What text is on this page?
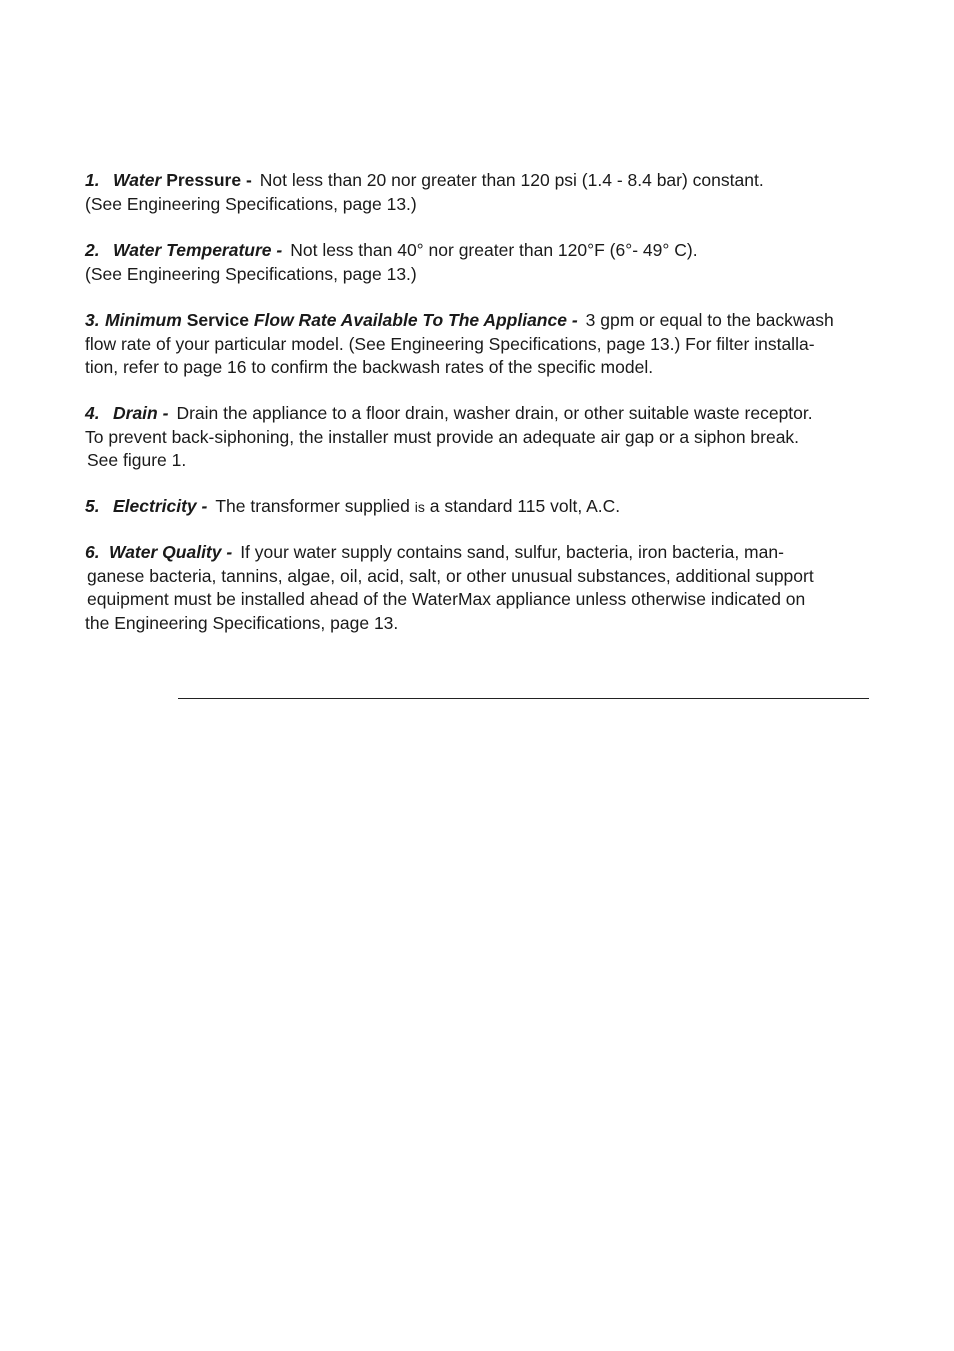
1. Water Pressure - Not less than 20 nor greater than 120 psi (1.4 - 8.4 bar) constant.
(See Engineering Specifications, page 13.)
2. Water Temperature - Not less than 40° nor greater than 120°F (6°- 49° C).
(See Engineering Specifications, page 13.)
3. Minimum Service Flow Rate Available To The Appliance - 3 gpm or equal to the backwash
flow rate of your particular model. (See Engineering Specifications, page 13.) For filter installa-
tion, refer to page 16 to confirm the backwash rates of the specific model.
4. Drain - Drain the appliance to a floor drain, washer drain, or other suitable waste receptor.
To prevent back-siphoning, the installer must provide an adequate air gap or a siphon break.
See figure 1.
5. Electricity - The transformer supplied is a standard 115 volt, A.C.
6. Water Quality - If your water supply contains sand, sulfur, bacteria, iron bacteria, man-
ganese bacteria, tannins, algae, oil, acid, salt, or other unusual substances, additional support
equipment must be installed ahead of the WaterMax appliance unless otherwise indicated on
the Engineering Specifications, page 13.
